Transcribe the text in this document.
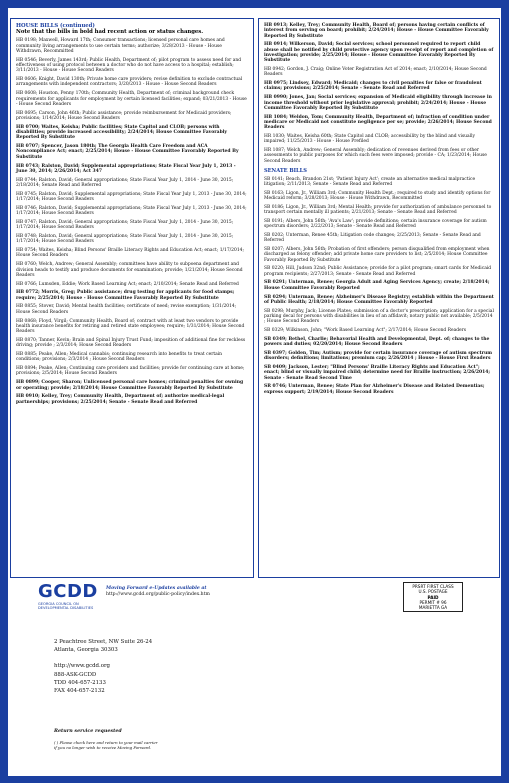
HOUSE BILLS (continued)
Note that the bills in bold had recent action or status changes.
HB 0198; Maxwell, Howard 17th; Consumer transactions; licensed personal care homes and community living arrangements to use certain terms; authorize; 3/28/2013 - House - House Withdrawn, Recommitted
HB 0546; Beverly, James 143rd; Public Health, Department of; pilot program to assess need for and effectiveness of using protocol between a doctor who do not have access to a hospital; establish; 3/11/2013 - House - House Second Readers
HB 0606; Knight, David 130th; Private home care providers; revise definition to exclude contractual arrangements with independent contractors; 3/20/2013 - House - House Second Readers
HB 0608; Houston, Penny 170th; Community Health, Department of; criminal background check requirements for applicants for employment by certain licensed facilities; expand; 03/21/2013 - House - House Second Readers
HB 0695; Carson, John 46th; Public assistance; provide reimbursement for Medicaid providers; provisions; 1/14/2014; House Second Readers
HB 0700; Waites, Keisha; Public facilities; State Capitol and CLOB; persons with disabilities; provide increased accessibility; 2/24/2014; House Committee Favorably Reported By Substitute
HB 0707; Spencer, Jason 180th; The Georgia Health Care Freedom and ACA Noncompliance Act; enact; 2/25/2014; House - House Committee Favorably Reported By Substitute
HB 0743; Ralston, David; Supplemental appropriations; State Fiscal Year July 1, 2013 - June 30, 2014; 2/26/2014; Act 347
HB 0744; Ralston, David; General appropriations; State Fiscal Year July 1, 2014 - June 30, 2015; 2/18/2014; Senate Read and Referred
HB 0745; Ralston, David; Supplemental appropriations; State Fiscal Year July 1, 2013 - June 30, 2014; 1/17/2014; House Second Readers
HB 0746; Ralston, David; Supplemental appropriations; State Fiscal Year July 1, 2013 - June 30, 2014; 1/17/2014; House Second Readers
HB 0747; Ralston, David; General appropriations; State Fiscal Year July 1, 2014 - June 30, 2015; 1/17/2014; House Second Readers
HB 0748; Ralston, David; General appropriations; State Fiscal Year July 1, 2014 - June 30, 2015; 1/17/2014; House Second Readers
HB 0754; Waites, Keisha; Blind Persons' Braille Literacy Rights and Education Act; enact; 1/17/2014; House Second Readers
HB 0760; Welch, Andrew; General Assembly; committees have ability to subpoena department and division heads to testify and produce documents for examination; provide; 1/21/2014; House Second Readers
HB 0766; Lumsden, Eddie; Work Based Learning Act; enact; 2/10/2014; Senate Read and Referred
HB 0772; Morris, Greg; Public assistance; drug testing for applicants for food stamps; require; 2/25/2014; House - House Committee Favorably Reported By Substitute
HB 0855; Stover, David; Mental health facilities; certificate of need; revise exemption; 1/31/2014; House Second Readers
HB 0868; Floyd, Virgil; Community Health, Board of; contract with at least two vendors to provide health insurance benefits for retiring and retired state employees; require; 1/31/2014; House Second Readers
HB 0870; Tanner, Kevin; Brain and Spinal Injury Trust Fund; imposition of additional fine for reckless driving; provide ; 2/3/2014; House Second Readers
HB 0885; Peake, Allen; Medical cannabis; continuing research into benefits to treat certain conditions; provisions; 2/3/2014 ; House Second Readers
HB 0894; Peake, Allen; Continuing care providers and facilities; provide for continuing care at home; provisions; 2/5/2014; House Second Readers
HB 0899; Cooper, Sharon; Unlicensed personal care homes; criminal penalties for owning or operating; provide; 2/18/2014; House Committee Favorably Reported By Substitute
HB 0910; Kelley, Trey; Community Health, Department of; authorize medical-legal partnerships; provisions; 2/25/2014; Senate - Senate Read and Referred
HB 0913; Kelley, Trey; Community Health, Board of; persons having certain conflicts of interest from serving on board; prohibit; 2/24/2014; House - House Committee Favorably Reported By Substitute
HB 0914; Wilkerson, David; Social services; school personnel required to report child abuse shall be notified by child protective agency upon receipt of report and completion of investigation; provide; 2/25/2014; House - House Committee Favorably Reported By Substitute
HB 0942; Gordon, J. Craig; Online Voter Registration Act of 2014; enact; 2/10/2014; House Second Readers
HB 0975; Lindsey, Edward; Medicaid; changes to civil penalties for false or fraudulent claims; provisions; 2/25/2014; Senate - Senate Read and Referred
HB 0990; Jones, Jan; Social services; expansion of Medicaid eligibility through increase in income threshold without prior legislative approval; prohibit; 2/24/2014; House - House Committee Favorably Reported By Substitute
HB 1084; Weldon, Tom; Community Health, Department of; infraction of condition under medicare or Medicaid not constitute negligence per se; provide; 2/26/2014; House Second Readers
HR 1030; Waites, Keisha 60th; State Capitol and CLOB; accessibility by the blind and visually impaired; 11/25/2013 - House - House Prefiled
HR 1087; Welch, Andrew; General Assembly; dedication of revenues derived from fees or other assessments to public purposes for which such fees were imposed; provide - CA; 1/23/2014; House Second Readers
SENATE BILLS
SB 0141; Beach, Brandon 21st; 'Patient Injury Act'; create an alternative medical malpractice litigation; 2/11/2013; Senate - Senate Read and Referred
SB 0163; Ligon, Jr., William 3rd; Community Health Dept.; required to study and identify options for Medicaid reform; 3/28/2013; House - House Withdrawn, Recommitted
SB 0186; Ligon, Jr., William 3rd; Mental Health; provide for authorization of ambulance personnel to transport certain mentally ill patients; 2/21/2013; Senate - Senate Read and Referred
SB 0191; Albers, John 56th; 'Ava's Law'; provide definitions; certain insurance coverage for autism spectrum disorders; 2/22/2013; Senate - Senate Read and Referred
SB 0202; Unterman, Renee 45th; Litigation code changes; 2/25/2013; Senate - Senate Read and Referred
SB 0207; Albers, John 56th; Probation of first offenders; person disqualified from employment when discharged as felony offender; add private home care providers to list; 2/5/2014; House Committee Favorably Reported By Substitute
SB 0220; Hill, Judson 32nd; Public Assistance; provide for a pilot program; smart cards for Medicaid program recipients; 2/27/2013; Senate - Senate Read and Referred
SB 0291; Unterman, Renee; Georgia Adult and Aging Services Agency; create; 2/18/2014; House Committee Favorably Reported
SB 0294; Unterman, Renee; Alzheimer's Disease Registry; establish within the Department of Public Health; 2/18/2014; House Committee Favorably Reported
SB 0298; Murphy, Jack; License Plates; submission of a doctor's prescription; application for a special parking decal for persons with disabilities in lieu of an affidavit; notary public not available; 2/5/2014 ; House Second Readers
SB 0329; Wilkinson, John; "Work Based Learning Act"; 2/17/2014; House Second Readers
SB 0349; Bethel, Charlie; Behavorial Health and Developmental, Dept. of; changes to the powers and duties; 02/20/2014; House Second Readers
SB 0397; Golden, Tim; Autism; provide for certain insurance coverage of autism spectrum disorders; definitions; limitations; premium cap; 2/26/2014 ; House - House First Readers
SB 0409; Jackson, Lester; "Blind Persons' Braille Literacy Rights and Education Act"; enact; blind or visually impaired child; determine need for Braille instruction; 2/26/2014; Senate - Senate Read Second Time
SR 0746; Unterman, Renee; State Plan for Alzheimer's Disease and Related Dementias; express support; 2/19/2014; House Second Readers
GCDD
GEORGIA COUNCIL ON DEVELOPMENTAL DISABILITIES
Moving Forward e-Updates available at
http://www.gcdd.org/public-policy/index.htm
PRSRT FIRST CLASS
U.S. POSTAGE
PAID
PERMIT # 96
MARIETTA GA
2 Peachtree Street, NW Suite 26-24
Atlanta, Georgia 30303
http://www.gcdd.org
888-ASK-GCDD
TDD 404-657-2133
FAX 404-657-2132
Return service requested
( ) Please check here and return to your mail carrier
if you no longer wish to receive Moving Forward.
